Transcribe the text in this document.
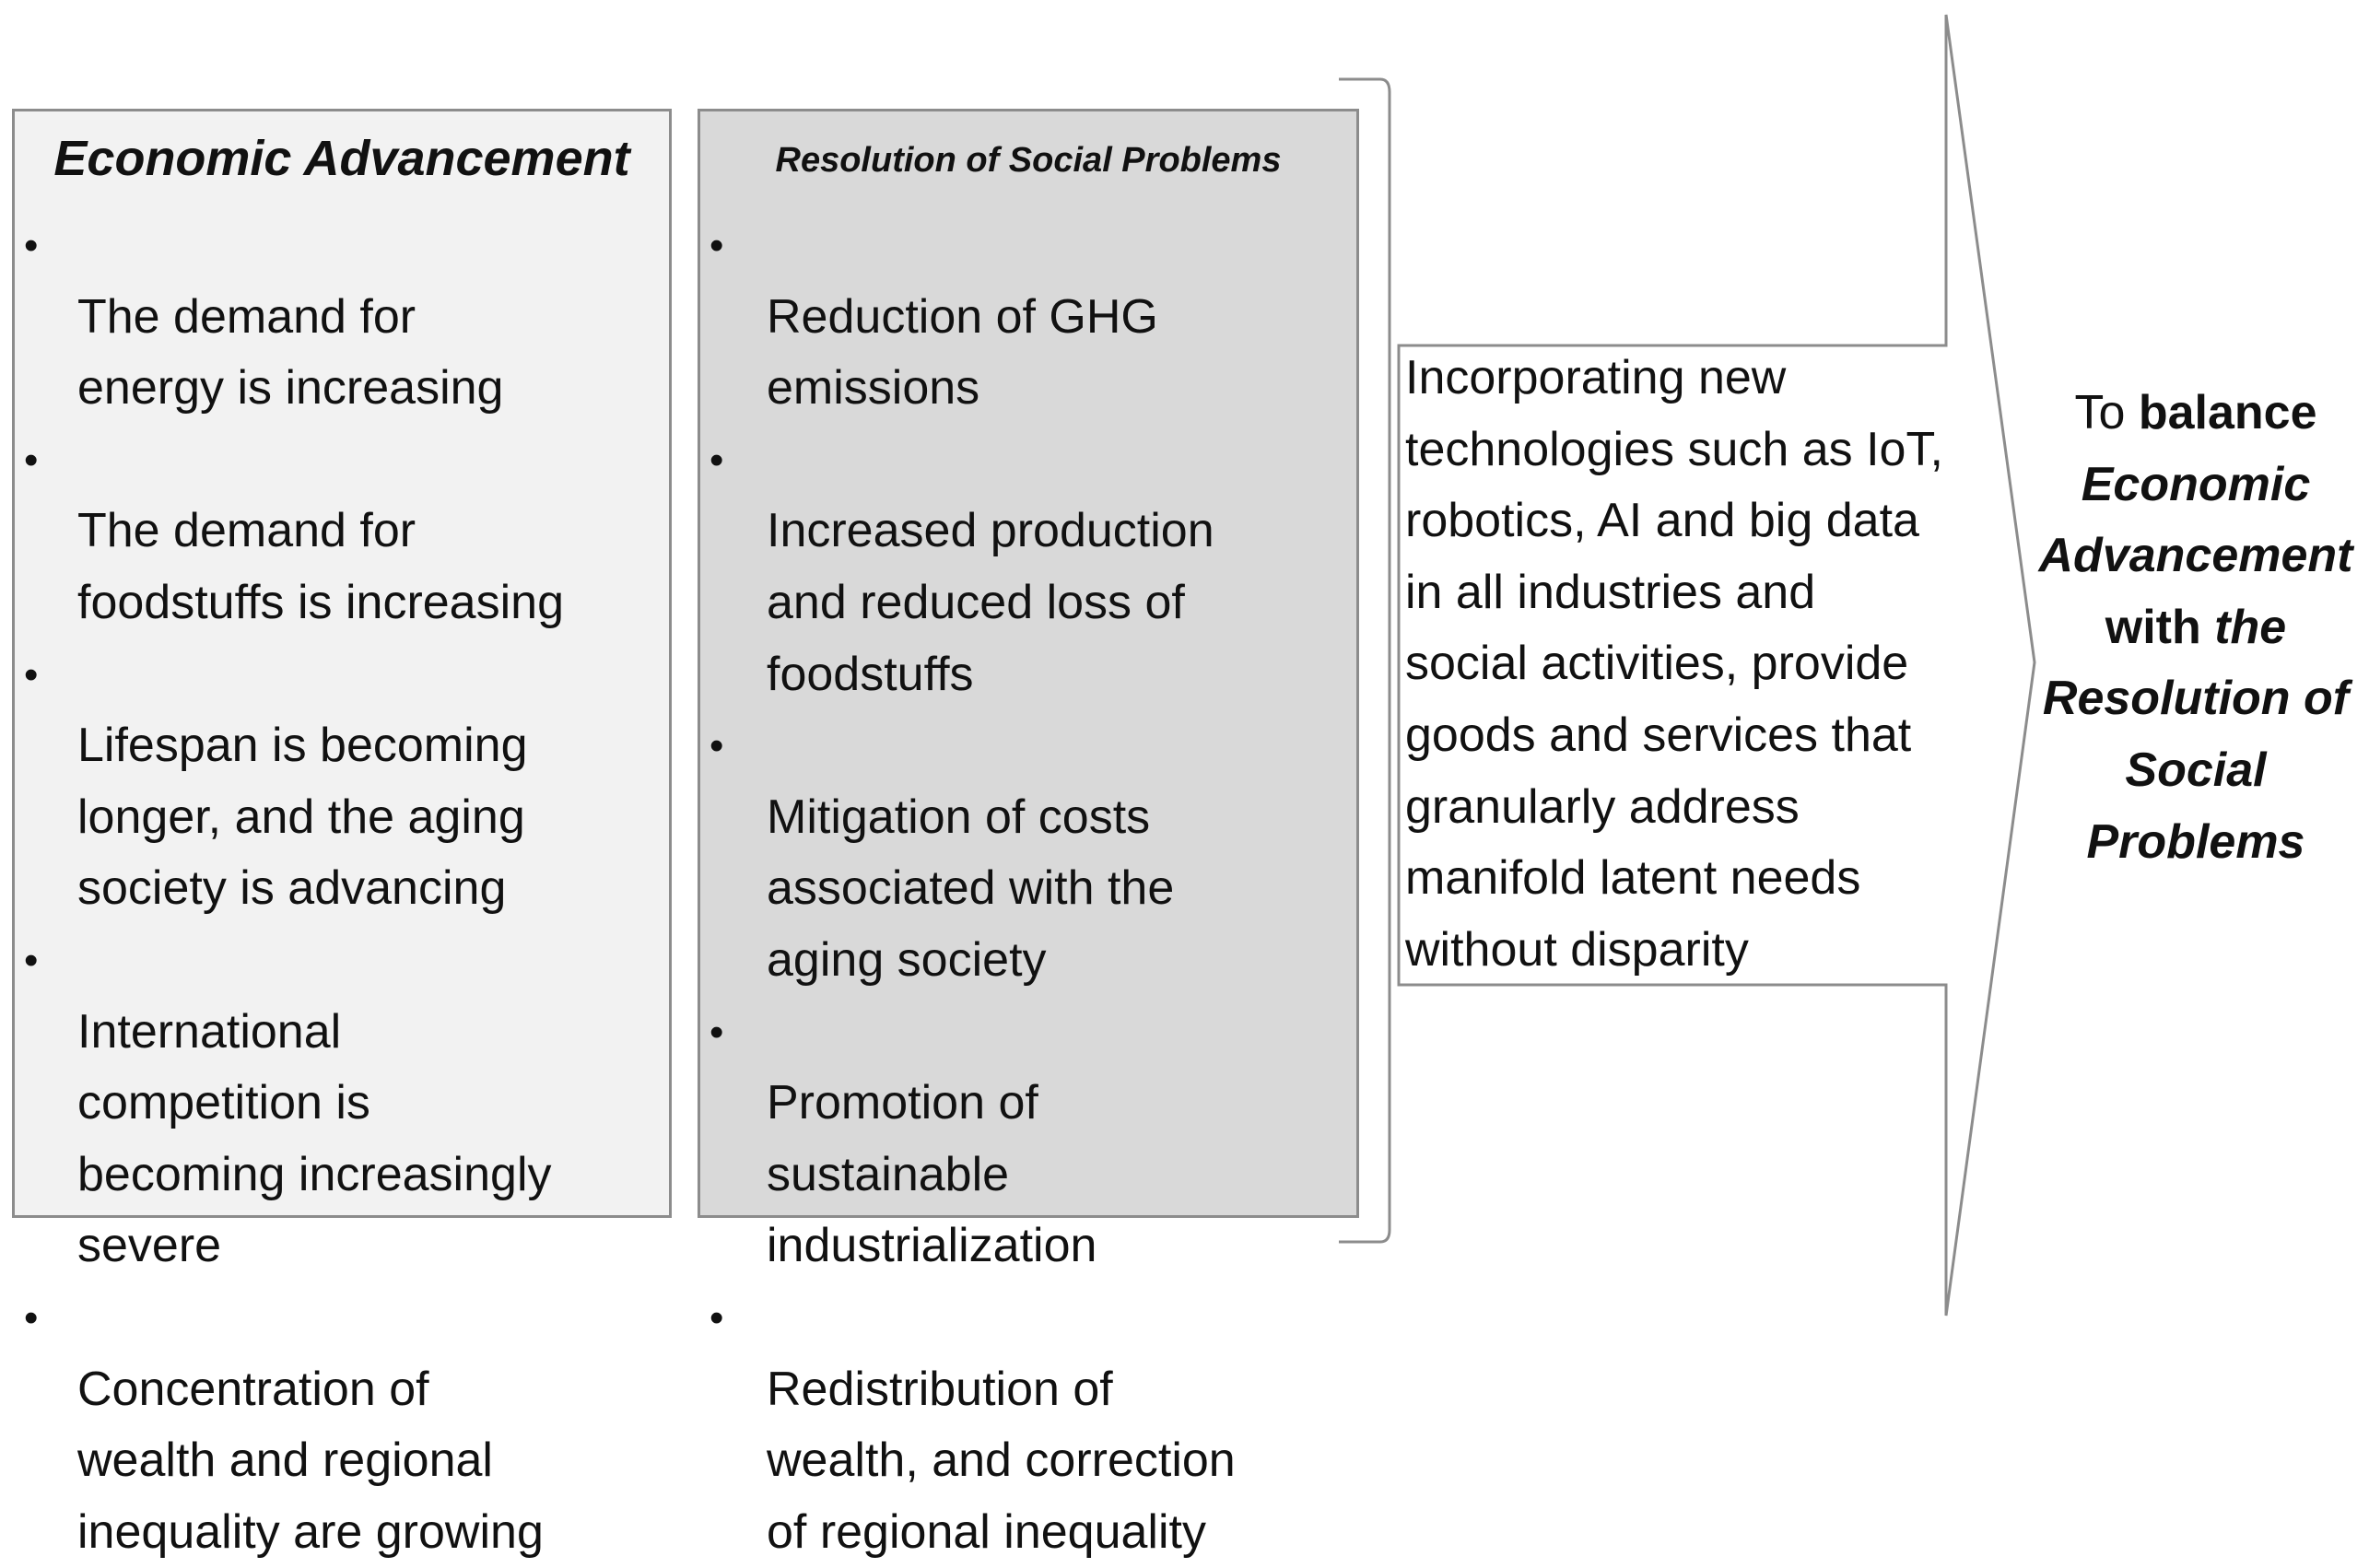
Economic Advancement

•
The demand for
energy is increasing

•
The demand for
foodstuffs is increasing

•
Lifespan is becoming
longer, and the aging
society is advancing

•
International
competition is
becoming increasingly
severe

•
Concentration of
wealth and regional
inequality are growing

Resolution of Social Problems

•
Reduction of GHG
emissions

•
Increased production
and reduced loss of
foodstuffs

•
Mitigation of costs
associated with the
aging society

•
Promotion of
sustainable
industrialization

•
Redistribution of
wealth, and correction
of regional inequality

Incorporating new
technologies such as IoT,
robotics, AI and big data
in all industries and
social activities, provide
goods and services that
granularly address
manifold latent needs
without disparity
To balance
Economic
Advancement
with the
Resolution of
Social
Problems
